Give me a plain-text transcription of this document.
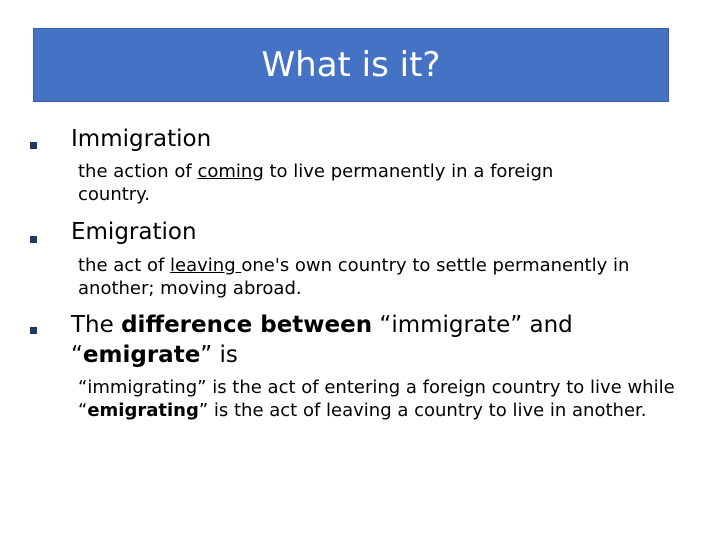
What is it?
Immigration
the action of coming to live permanently in a foreign country.
Emigration
the act of leaving one's own country to settle permanently in another; moving abroad.
The difference between “immigrate” and “emigrate” is
“immigrating” is the act of entering a foreign country to live while “emigrating” is the act of leaving a country to live in another.
